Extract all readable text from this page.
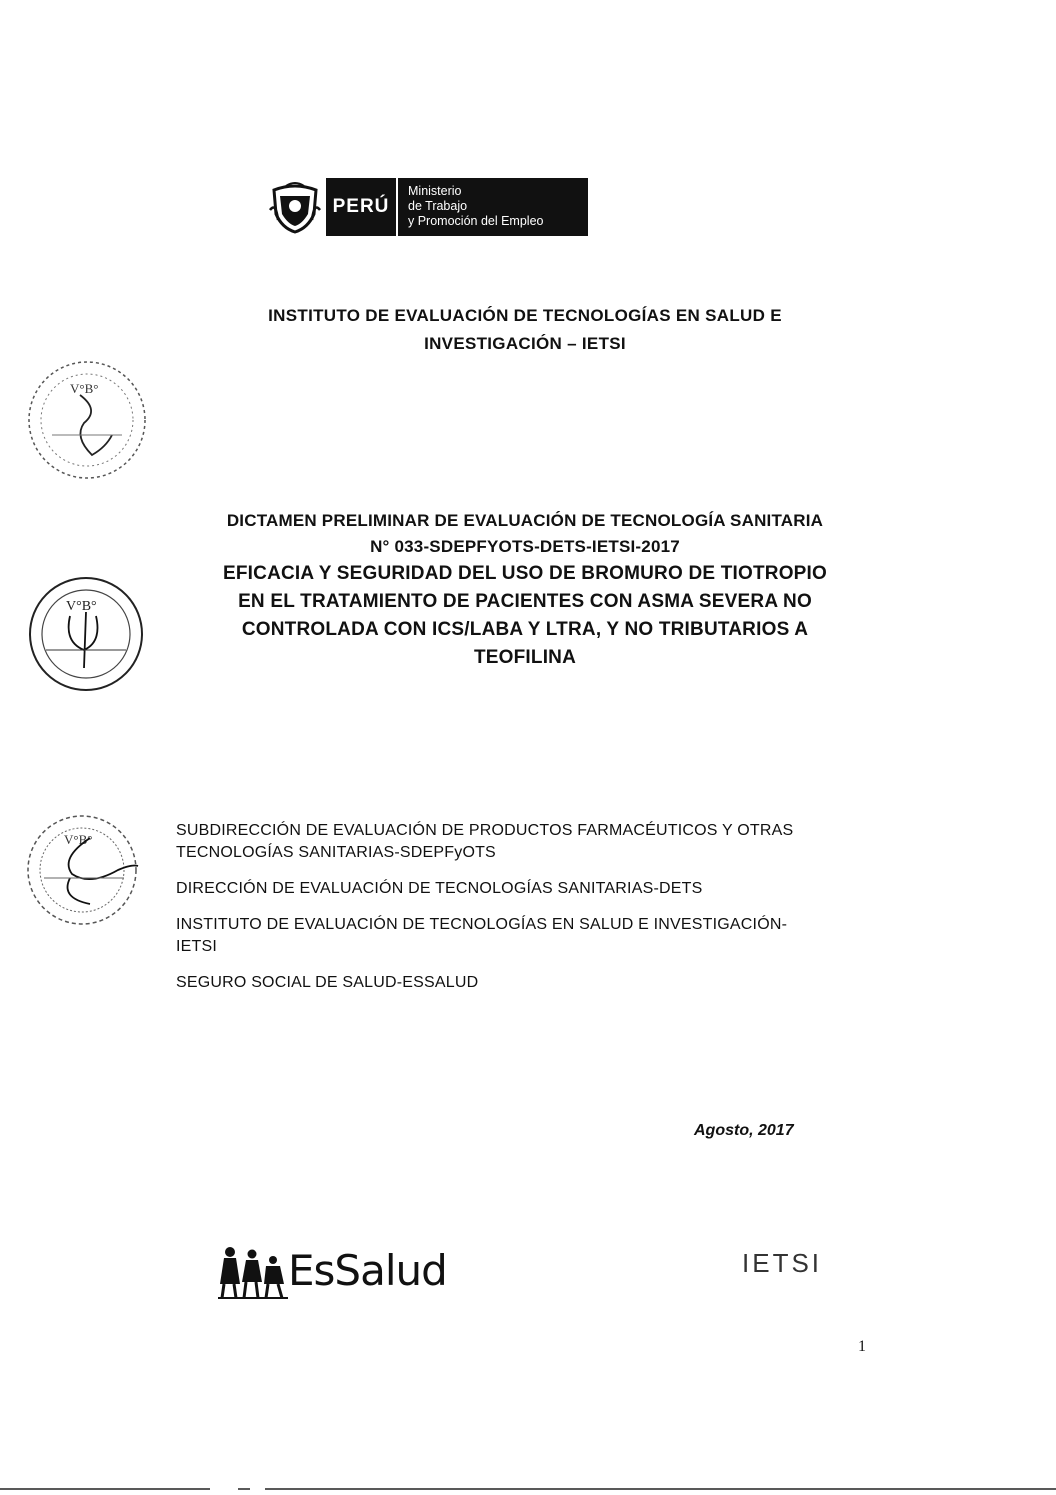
PERÚ
Ministerio
de Trabajo
y Promoción del Empleo
INSTITUTO DE EVALUACIÓN DE TECNOLOGÍAS EN SALUD E
INVESTIGACIÓN – IETSI
V°B°
DICTAMEN PRELIMINAR DE EVALUACIÓN DE TECNOLOGÍA SANITARIA
N° 033-SDEPFYOTS-DETS-IETSI-2017
EFICACIA Y SEGURIDAD DEL USO DE BROMURO DE TIOTROPIO
EN EL TRATAMIENTO DE PACIENTES CON ASMA SEVERA NO
CONTROLADA CON ICS/LABA Y LTRA, Y NO TRIBUTARIOS A
TEOFILINA
V°B°
V°B°

SUBDIRECCIÓN DE EVALUACIÓN DE PRODUCTOS FARMACÉUTICOS Y OTRAS
TECNOLOGÍAS SANITARIAS-SDEPFyOTS

DIRECCIÓN DE EVALUACIÓN DE TECNOLOGÍAS SANITARIAS-DETS

INSTITUTO DE EVALUACIÓN DE TECNOLOGÍAS EN SALUD E INVESTIGACIÓN-
IETSI

SEGURO SOCIAL DE SALUD-ESSALUD

Agosto, 2017
EsSalud	IETSI
1
